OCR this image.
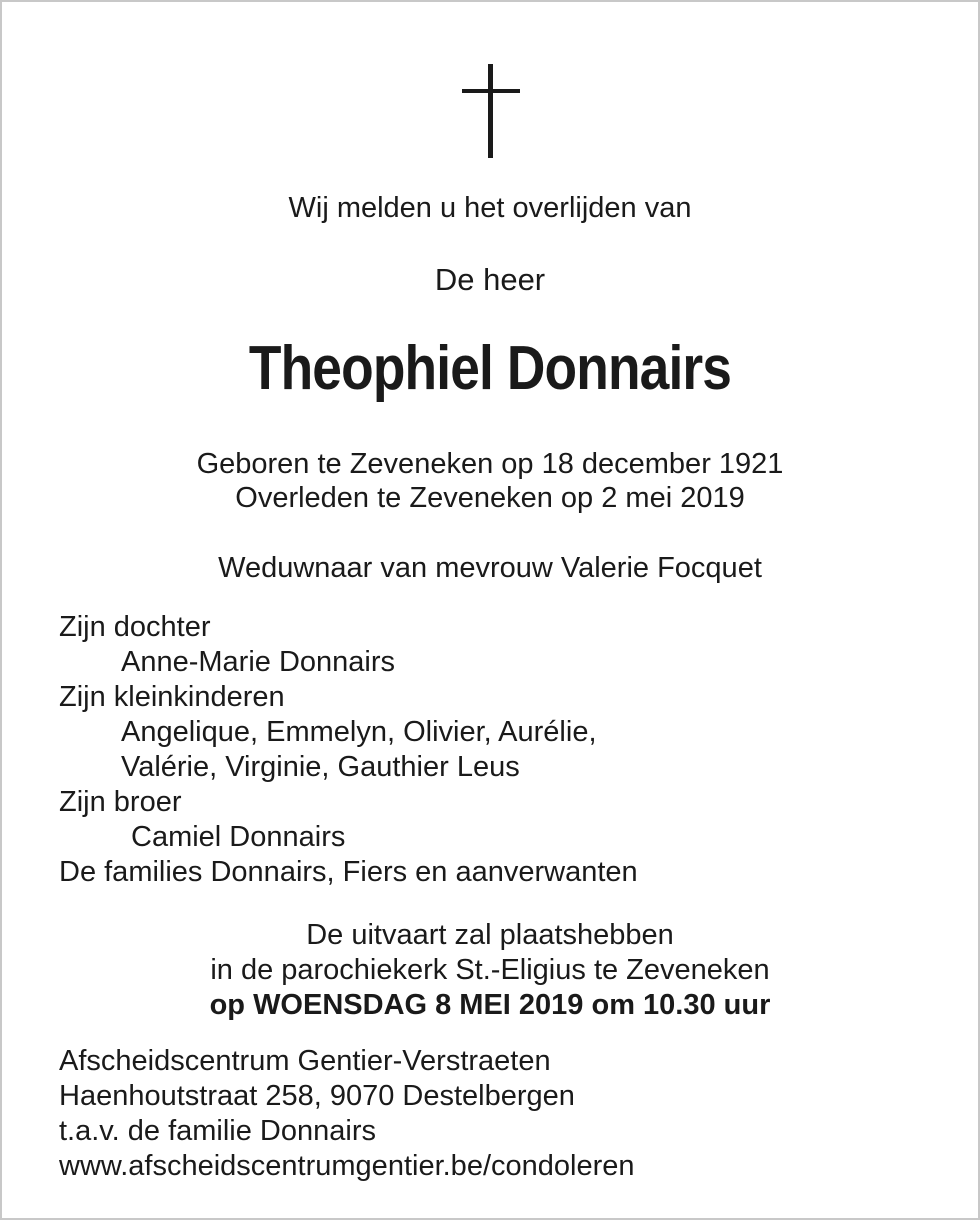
Wij melden u het overlijden van
De heer
Theophiel Donnairs
Geboren te Zeveneken op 18 december 1921
Overleden te Zeveneken op 2 mei 2019
Weduwnaar van mevrouw Valerie Focquet
Zijn dochter
Anne-Marie Donnairs
Zijn kleinkinderen
Angelique, Emmelyn, Olivier, Aurélie,
Valérie, Virginie, Gauthier Leus
Zijn broer
Camiel Donnairs
De families Donnairs, Fiers en aanverwanten
De uitvaart zal plaatshebben
in de parochiekerk St.-Eligius te Zeveneken
op WOENSDAG 8 MEI 2019 om 10.30 uur
Afscheidscentrum Gentier-Verstraeten
Haenhoutstraat 258, 9070 Destelbergen
t.a.v. de familie Donnairs
www.afscheidscentrumgentier.be/condoleren
